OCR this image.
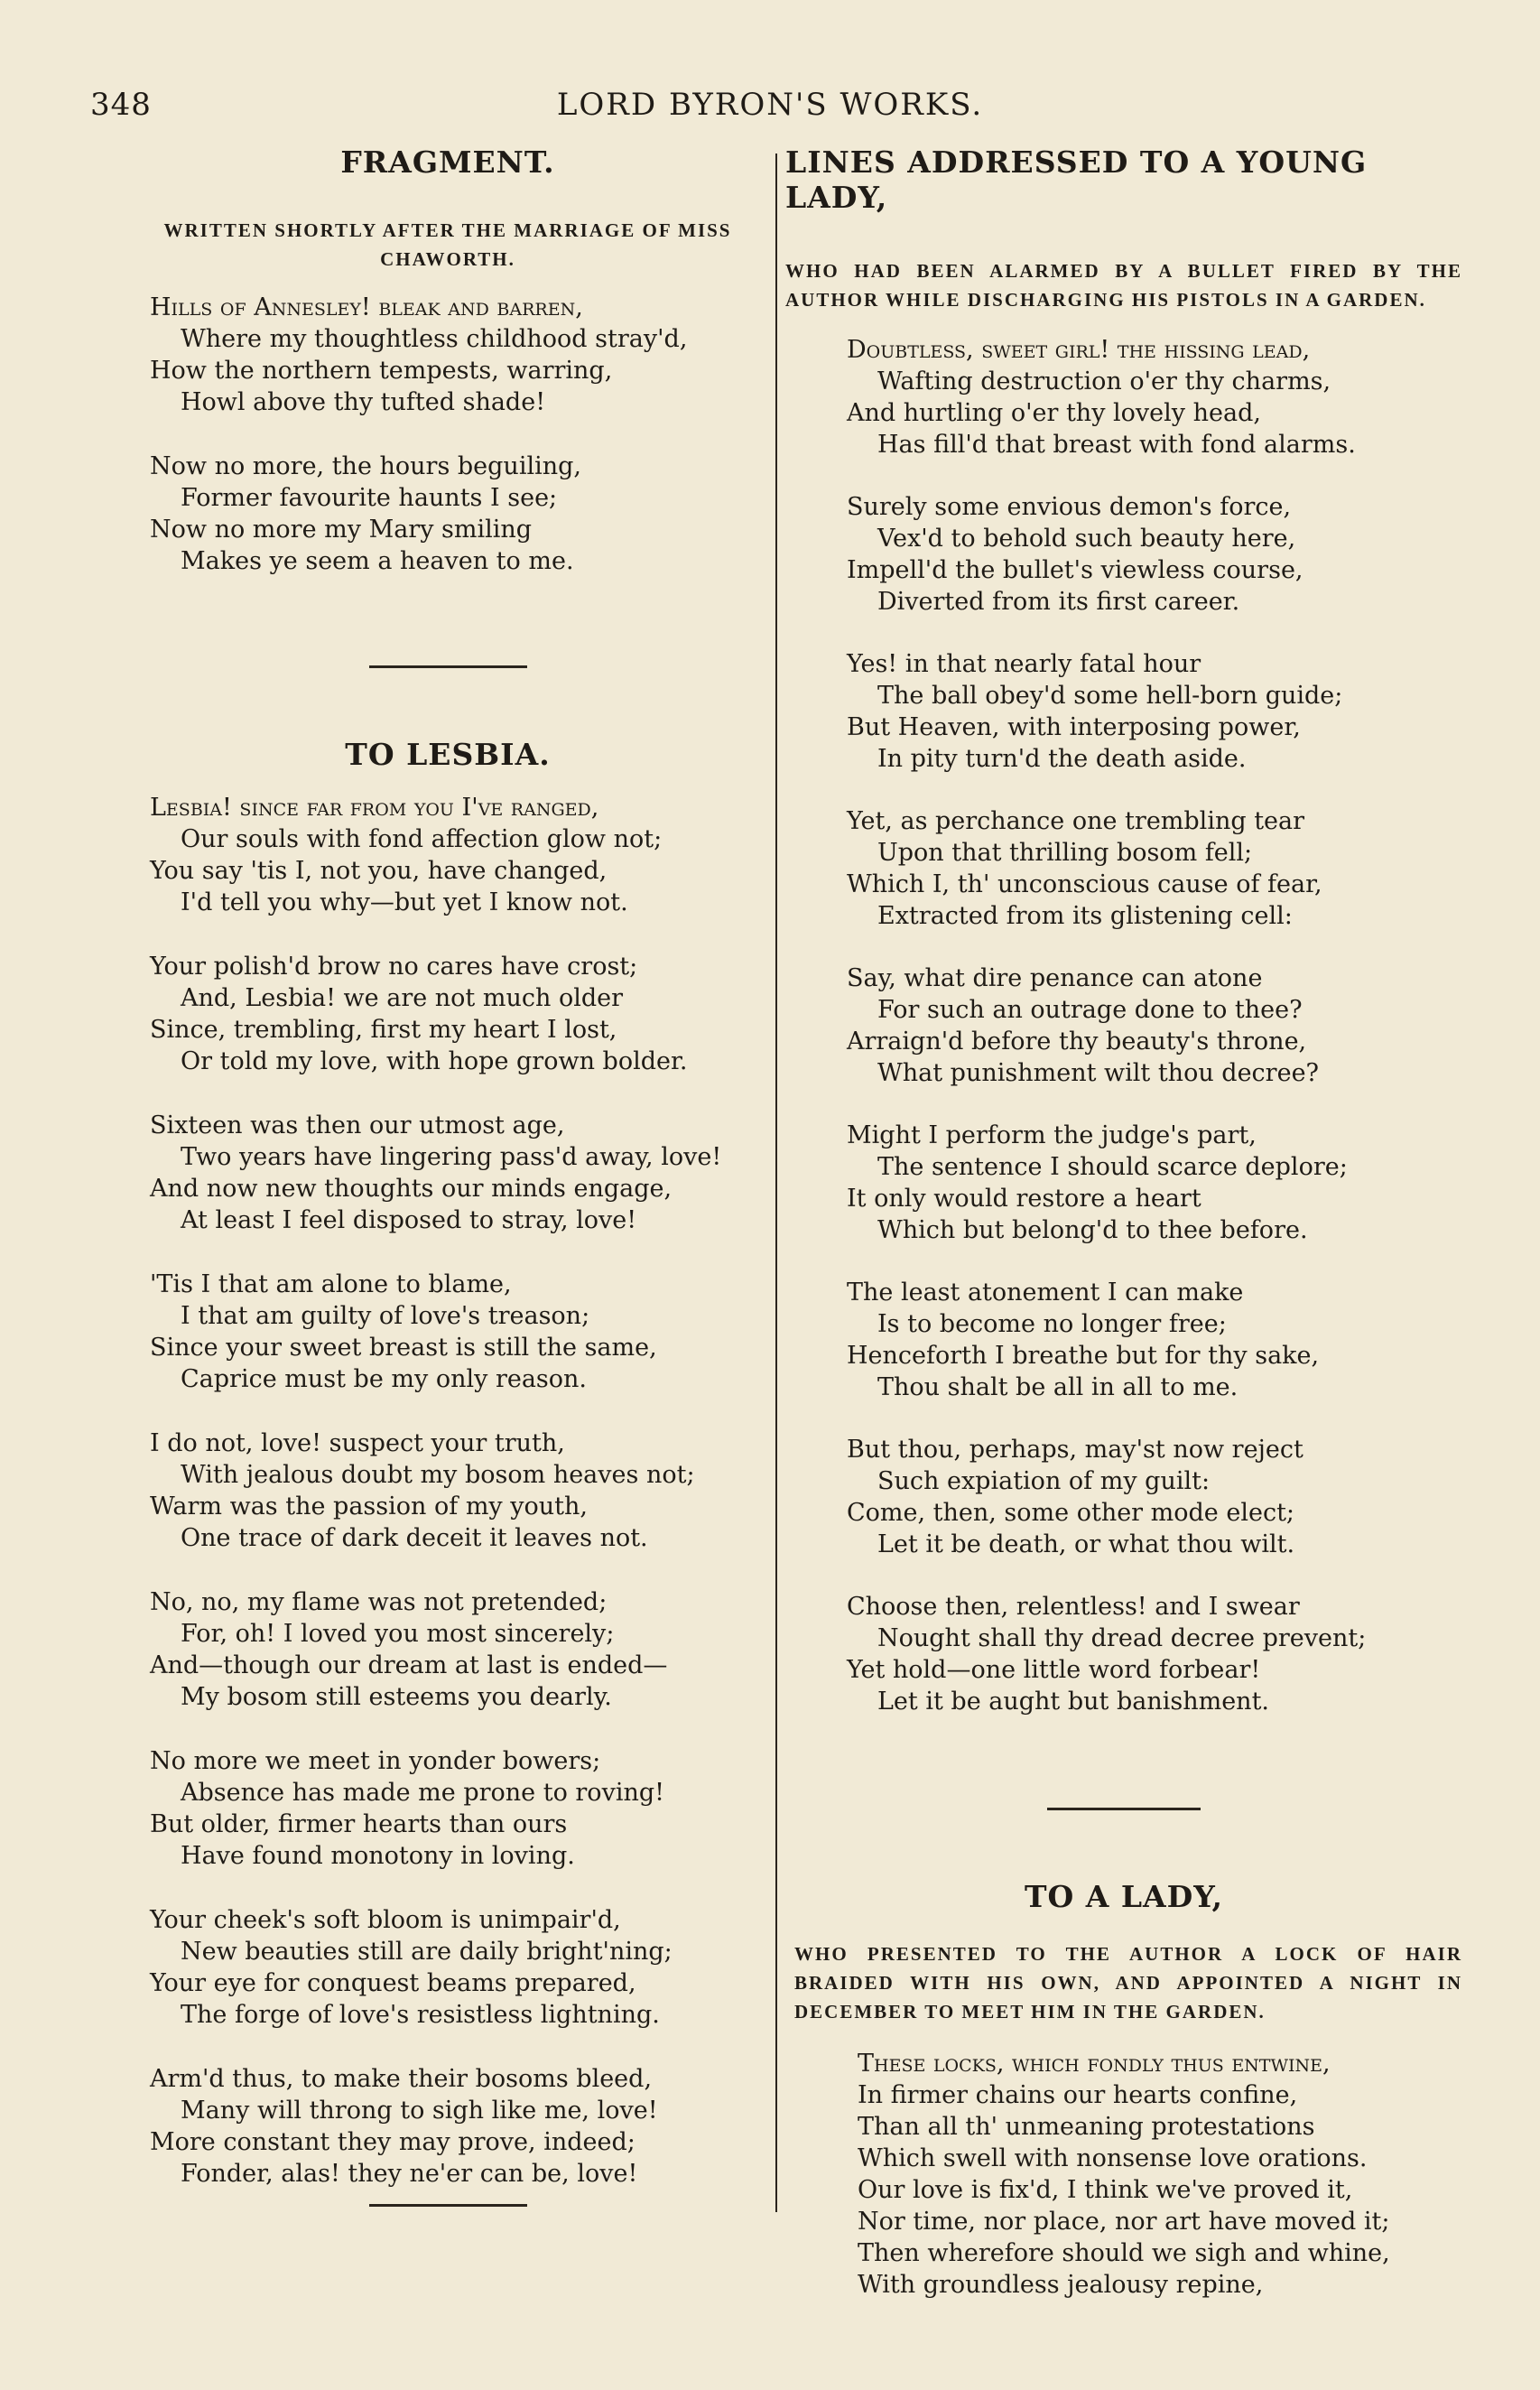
348	LORD BYRON'S WORKS.
FRAGMENT.

WRITTEN SHORTLY AFTER THE MARRIAGE OF MISS CHAWORTH.

Hills of Annesley! bleak and barren,
Where my thoughtless childhood stray'd,
How the northern tempests, warring,
Howl above thy tufted shade!
Now no more, the hours beguiling,
Former favourite haunts I see;
Now no more my Mary smiling
Makes ye seem a heaven to me.
TO LESBIA.
Lesbia! since far from you I've ranged,
Our souls with fond affection glow not;
You say 'tis I, not you, have changed,
I'd tell you why—but yet I know not.
Your polish'd brow no cares have crost;
And, Lesbia! we are not much older
Since, trembling, first my heart I lost,
Or told my love, with hope grown bolder.
Sixteen was then our utmost age,
Two years have lingering pass'd away, love!
And now new thoughts our minds engage,
At least I feel disposed to stray, love!
'Tis I that am alone to blame,
I that am guilty of love's treason;
Since your sweet breast is still the same,
Caprice must be my only reason.
I do not, love! suspect your truth,
With jealous doubt my bosom heaves not;
Warm was the passion of my youth,
One trace of dark deceit it leaves not.
No, no, my flame was not pretended;
For, oh! I loved you most sincerely;
And—though our dream at last is ended—
My bosom still esteems you dearly.
No more we meet in yonder bowers;
Absence has made me prone to roving!
But older, firmer hearts than ours
Have found monotony in loving.
Your cheek's soft bloom is unimpair'd,
New beauties still are daily bright'ning;
Your eye for conquest beams prepared,
The forge of love's resistless lightning.
Arm'd thus, to make their bosoms bleed,
Many will throng to sigh like me, love!
More constant they may prove, indeed;
Fonder, alas! they ne'er can be, love!
LINES ADDRESSED TO A YOUNG LADY,

WHO HAD BEEN ALARMED BY A BULLET FIRED BY THE AUTHOR WHILE DISCHARGING HIS PISTOLS IN A GARDEN.

Doubtless, sweet girl! the hissing lead,
Wafting destruction o'er thy charms,
And hurtling o'er thy lovely head,
Has fill'd that breast with fond alarms.
Surely some envious demon's force,
Vex'd to behold such beauty here,
Impell'd the bullet's viewless course,
Diverted from its first career.
Yes! in that nearly fatal hour
The ball obey'd some hell-born guide;
But Heaven, with interposing power,
In pity turn'd the death aside.
Yet, as perchance one trembling tear
Upon that thrilling bosom fell;
Which I, th' unconscious cause of fear,
Extracted from its glistening cell:
Say, what dire penance can atone
For such an outrage done to thee?
Arraign'd before thy beauty's throne,
What punishment wilt thou decree?
Might I perform the judge's part,
The sentence I should scarce deplore;
It only would restore a heart
Which but belong'd to thee before.
The least atonement I can make
Is to become no longer free;
Henceforth I breathe but for thy sake,
Thou shalt be all in all to me.
But thou, perhaps, may'st now reject
Such expiation of my guilt:
Come, then, some other mode elect;
Let it be death, or what thou wilt.
Choose then, relentless! and I swear
Nought shall thy dread decree prevent;
Yet hold—one little word forbear!
Let it be aught but banishment.
TO A LADY,

WHO PRESENTED TO THE AUTHOR A LOCK OF HAIR BRAIDED WITH HIS OWN, AND APPOINTED A NIGHT IN DECEMBER TO MEET HIM IN THE GARDEN.

These locks, which fondly thus entwine,
In firmer chains our hearts confine,
Than all th' unmeaning protestations
Which swell with nonsense love orations.
Our love is fix'd, I think we've proved it,
Nor time, nor place, nor art have moved it;
Then wherefore should we sigh and whine,
With groundless jealousy repine,
